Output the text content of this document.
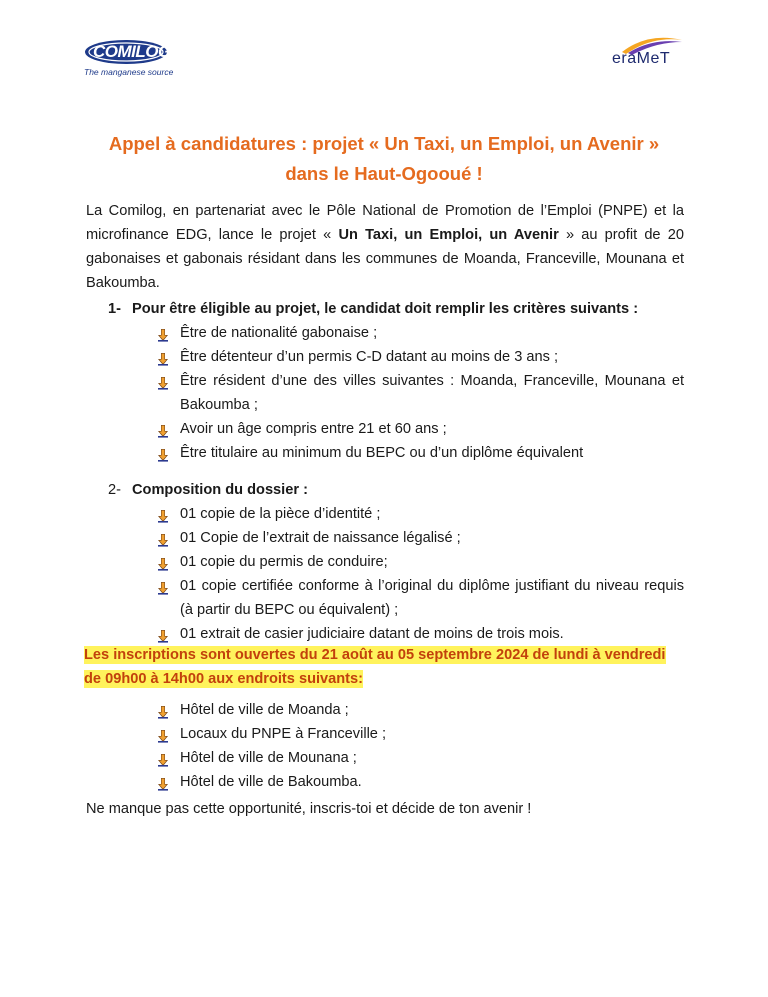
COMILOG
The manganese source
eraMeT
Appel à candidatures : projet « Un Taxi, un Emploi, un Avenir »
dans le Haut-Ogooué !
La Comilog, en partenariat avec le Pôle National de Promotion de l’Emploi (PNPE) et la microfinance EDG, lance le projet « Un Taxi, un Emploi, un Avenir » au profit de 20 gabonaises et gabonais résidant dans les communes de Moanda, Franceville, Mounana et Bakoumba.
1- Pour être éligible au projet, le candidat doit remplir les critères suivants :
Être de nationalité gabonaise ;
Être détenteur d’un permis C-D datant au moins de 3 ans ;
Être résident d’une des villes suivantes : Moanda, Franceville, Mounana et Bakoumba ;
Avoir un âge compris entre 21 et 60 ans ;
Être titulaire au minimum du BEPC ou d’un diplôme équivalent
2- Composition du dossier :
01 copie de la pièce d’identité ;
01 Copie de l’extrait de naissance légalisé ;
01 copie du permis de conduire;
01 copie certifiée conforme à l’original du diplôme justifiant du niveau requis (à partir du BEPC ou équivalent) ;
01 extrait de casier judiciaire datant de moins de trois mois.
Les inscriptions sont ouvertes du 21 août au 05 septembre 2024 de lundi à vendredi de 09h00 à 14h00 aux endroits suivants:
Hôtel de ville de Moanda ;
Locaux du PNPE à Franceville ;
Hôtel de ville de Mounana ;
Hôtel de ville de Bakoumba.
Ne manque pas cette opportunité, inscris-toi et décide de ton avenir !
